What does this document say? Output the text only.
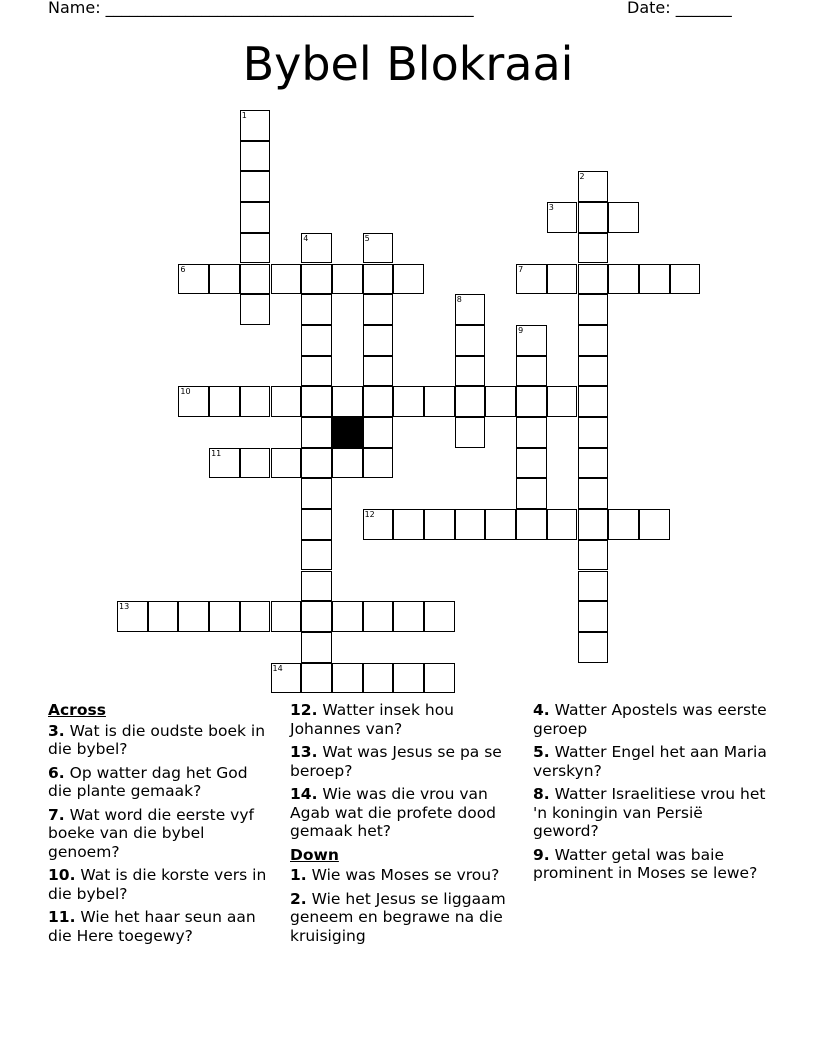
Name: ______________________________________________	Date: _______
Bybel Blokraai
1
2
3
4	5
6	7
8
9
10
11
12
13
14
Across
3. Wat is die oudste boek in die bybel?
6. Op watter dag het God die plante gemaak?
7. Wat word die eerste vyf boeke van die bybel genoem?
10. Wat is die korste vers in die bybel?
11. Wie het haar seun aan die Here toegewy?
12. Watter insek hou Johannes van?
13. Wat was Jesus se pa se beroep?
14. Wie was die vrou van Agab wat die profete dood gemaak het?
Down
1. Wie was Moses se vrou?
2. Wie het Jesus se liggaam geneem en begrawe na die kruisiging
4. Watter Apostels was eerste geroep
5. Watter Engel het aan Maria verskyn?
8. Watter Israelitiese vrou het 'n koningin van Persië geword?
9. Watter getal was baie prominent in Moses se lewe?
